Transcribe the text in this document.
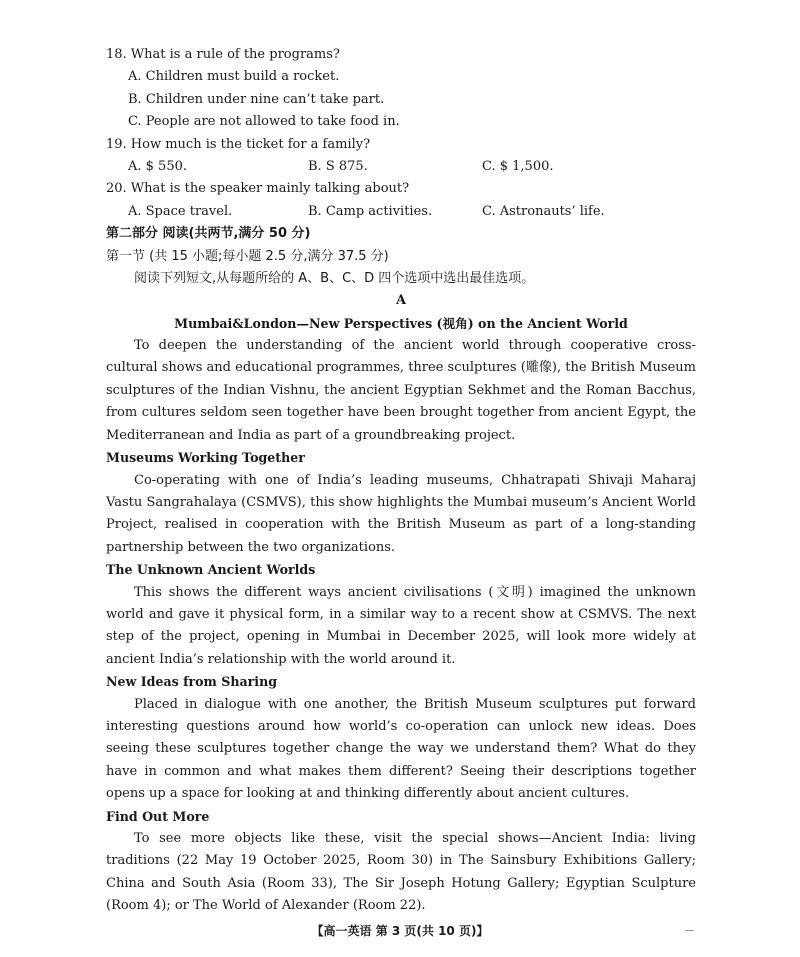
18. What is a rule of the programs?
A. Children must build a rocket.
B. Children under nine can’t take part.
C. People are not allowed to take food in.
19. How much is the ticket for a family?
A. $ 550.	B. S 875.	C. $ 1,500.
20. What is the speaker mainly talking about?
A. Space travel.	B. Camp activities.	C. Astronauts’ life.
第二部分 阅读(共两节,满分 50 分)
第一节 (共 15 小题;每小题 2.5 分,满分 37.5 分)
阅读下列短文,从每题所给的 A、B、C、D 四个选项中选出最佳选项。
A
Mumbai&London—New Perspectives (视角) on the Ancient World

To deepen the understanding of the ancient world through cooperative cross-cultural shows and educational programmes, three sculptures (雕像), the British Museum sculptures of the Indian Vishnu, the ancient Egyptian Sekhmet and the Roman Bacchus, from cultures seldom seen together have been brought together from ancient Egypt, the Mediterranean and India as part of a groundbreaking project.

Museums Working Together

Co-operating with one of India’s leading museums, Chhatrapati Shivaji Maharaj Vastu Sangrahalaya (CSMVS), this show highlights the Mumbai museum’s Ancient World Project, realised in cooperation with the British Museum as part of a long-standing partnership between the two organizations.

The Unknown Ancient Worlds

This shows the different ways ancient civilisations (文明) imagined the unknown world and gave it physical form, in a similar way to a recent show at CSMVS. The next step of the project, opening in Mumbai in December 2025, will look more widely at ancient India’s relationship with the world around it.

New Ideas from Sharing

Placed in dialogue with one another, the British Museum sculptures put forward interesting questions around how world’s co-operation can unlock new ideas. Does seeing these sculptures together change the way we understand them? What do they have in common and what makes them different? Seeing their descriptions together opens up a space for looking at and thinking differently about ancient cultures.

Find Out More

To see more objects like these, visit the special shows—Ancient India: living traditions (22 May 19 October 2025, Room 30) in The Sainsbury Exhibitions Gallery; China and South Asia (Room 33), The Sir Joseph Hotung Gallery; Egyptian Sculpture (Room 4); or The World of Alexander (Room 22).

【高一英语 第 3 页(共 10 页)】	—
